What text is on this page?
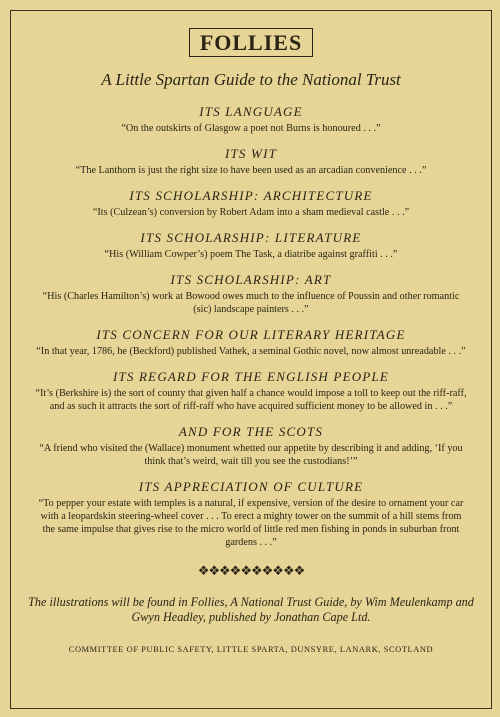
FOLLIES
A Little Spartan Guide to the National Trust
ITS LANGUAGE
“On the outskirts of Glasgow a poet not Burns is honoured . . .”
ITS WIT
“The Lanthorn is just the right size to have been used as an arcadian convenience . . .”
ITS SCHOLARSHIP: ARCHITECTURE
“Its (Culzean’s) conversion by Robert Adam into a sham medieval castle . . .”
ITS SCHOLARSHIP: LITERATURE
“His (William Cowper’s) poem The Task, a diatribe against graffiti . . .”
ITS SCHOLARSHIP: ART
“His (Charles Hamilton’s) work at Bowood owes much to the influence of Poussin and other romantic (sic) landscape painters . . .”
ITS CONCERN FOR OUR LITERARY HERITAGE
“In that year, 1786, he (Beckford) published Vathek, a seminal Gothic novel, now almost unreadable . . .”
ITS REGARD FOR THE ENGLISH PEOPLE
“It’s (Berkshire is) the sort of county that given half a chance would impose a toll to keep out the riff-raff, and as such it attracts the sort of riff-raff who have acquired sufficient money to be allowed in . . .”
AND FOR THE SCOTS
“A friend who visited the (Wallace) monument whetted our appetite by describing it and adding, ‘If you think that’s weird, wait till you see the custodians!’”
ITS APPRECIATION OF CULTURE
“To pepper your estate with temples is a natural, if expensive, version of the desire to ornament your car with a leopardskin steering-wheel cover . . . To erect a mighty tower on the summit of a hill stems from the same impulse that gives rise to the micro world of little red men fishing in ponds in suburban front gardens . . .”
❖❖❖❖❖❖❖❖❖❖
The illustrations will be found in Follies, A National Trust Guide, by Wim Meulenkamp and Gwyn Headley, published by Jonathan Cape Ltd.
COMMITTEE OF PUBLIC SAFETY, LITTLE SPARTA, DUNSYRE, LANARK, SCOTLAND
